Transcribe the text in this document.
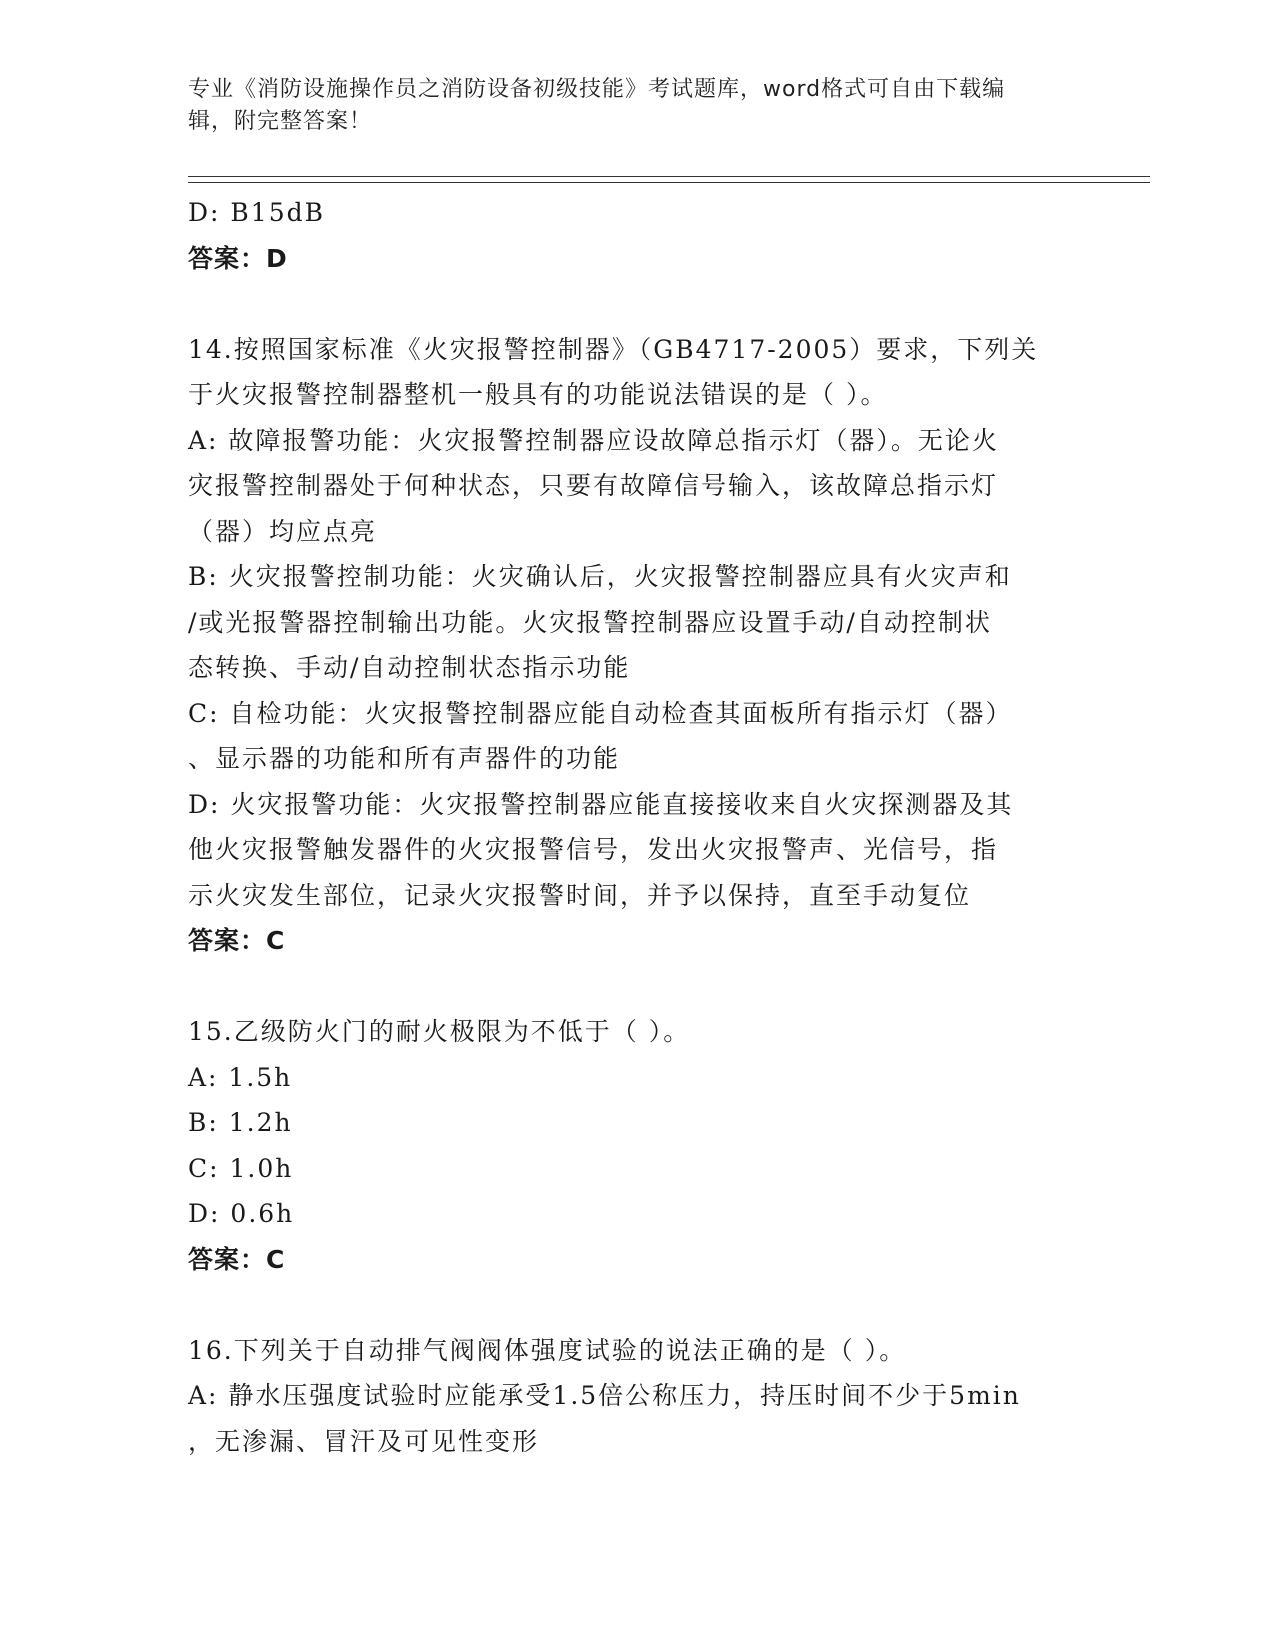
专业《消防设施操作员之消防设备初级技能》考试题库，word格式可自由下载编
辑，附完整答案！
D: B15dB
答案：D
14.按照国家标准《火灾报警控制器》（GB4717-2005）要求，下列关
于火灾报警控制器整机一般具有的功能说法错误的是（ ）。
A: 故障报警功能：火灾报警控制器应设故障总指示灯（器）。无论火
灾报警控制器处于何种状态，只要有故障信号输入，该故障总指示灯
（器）均应点亮
B: 火灾报警控制功能：火灾确认后，火灾报警控制器应具有火灾声和
/或光报警器控制输出功能。火灾报警控制器应设置手动/自动控制状
态转换、手动/自动控制状态指示功能
C: 自检功能：火灾报警控制器应能自动检查其面板所有指示灯（器）
、显示器的功能和所有声器件的功能
D: 火灾报警功能：火灾报警控制器应能直接接收来自火灾探测器及其
他火灾报警触发器件的火灾报警信号，发出火灾报警声、光信号，指
示火灾发生部位，记录火灾报警时间，并予以保持，直至手动复位
答案：C
15.乙级防火门的耐火极限为不低于（ ）。
A: 1.5h
B: 1.2h
C: 1.0h
D: 0.6h
答案：C
16.下列关于自动排气阀阀体强度试验的说法正确的是（ ）。
A: 静水压强度试验时应能承受1.5倍公称压力，持压时间不少于5min
，无渗漏、冒汗及可见性变形
